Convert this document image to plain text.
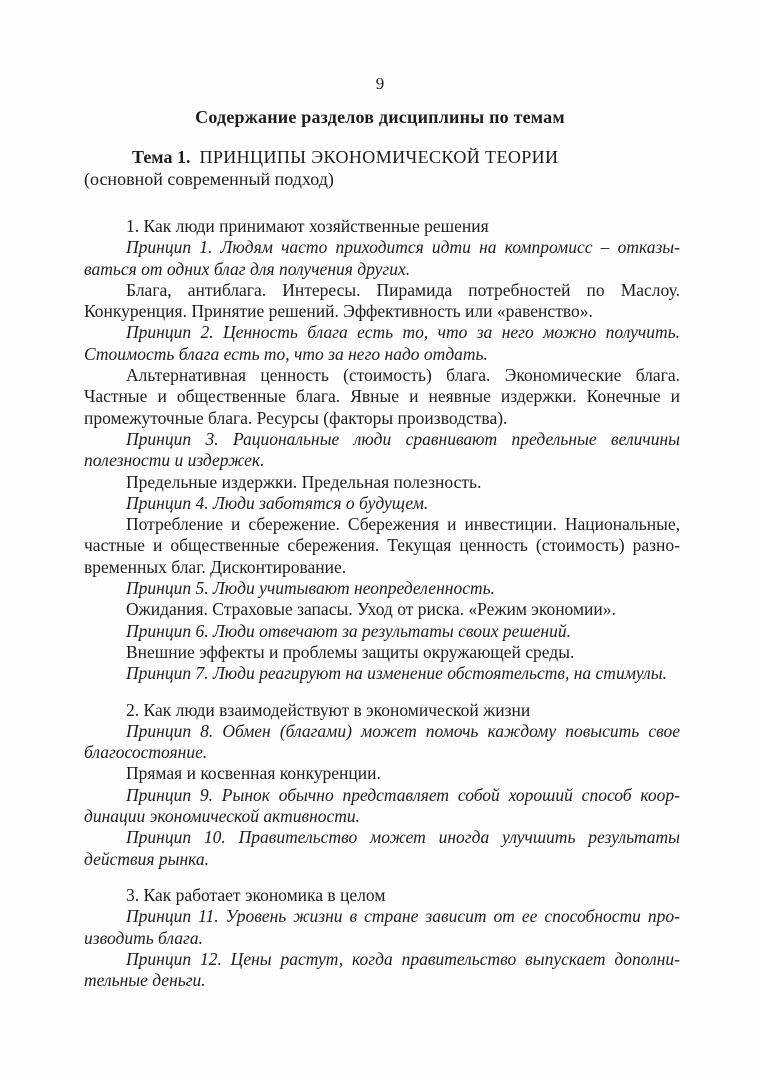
9
Содержание разделов дисциплины по темам
Тема 1. ПРИНЦИПЫ ЭКОНОМИЧЕСКОЙ ТЕОРИИ
(основной современный подход)

1. Как люди принимают хозяйственные решения

Принцип 1. Людям часто приходится идти на компромисс – отказываться от одних благ для получения других.

Блага, антиблага. Интересы. Пирамида потребностей по Маслоу. Конкуренция. Принятие решений. Эффективность или «равенство».

Принцип 2. Ценность блага есть то, что за него можно получить. Стоимость блага есть то, что за него надо отдать.

Альтернативная ценность (стоимость) блага. Экономические блага. Частные и общественные блага. Явные и неявные издержки. Конечные и промежуточные блага. Ресурсы (факторы производства).

Принцип 3. Рациональные люди сравнивают предельные величины полезности и издержек.

Предельные издержки. Предельная полезность.

Принцип 4. Люди заботятся о будущем.

Потребление и сбережение. Сбережения и инвестиции. Национальные, частные и общественные сбережения. Текущая ценность (стоимость) разновременных благ. Дисконтирование.

Принцип 5. Люди учитывают неопределенность.

Ожидания. Страховые запасы. Уход от риска. «Режим экономии».

Принцип 6. Люди отвечают за результаты своих решений.

Внешние эффекты и проблемы защиты окружающей среды.

Принцип 7. Люди реагируют на изменение обстоятельств, на стимулы.

2. Как люди взаимодействуют в экономической жизни

Принцип 8. Обмен (благами) может помочь каждому повысить свое благосостояние.

Прямая и косвенная конкуренции.

Принцип 9. Рынок обычно представляет собой хороший способ координации экономической активности.

Принцип 10. Правительство может иногда улучшить результаты действия рынка.

3. Как работает экономика в целом

Принцип 11. Уровень жизни в стране зависит от ее способности производить блага.

Принцип 12. Цены растут, когда правительство выпускает дополнительные деньги.
